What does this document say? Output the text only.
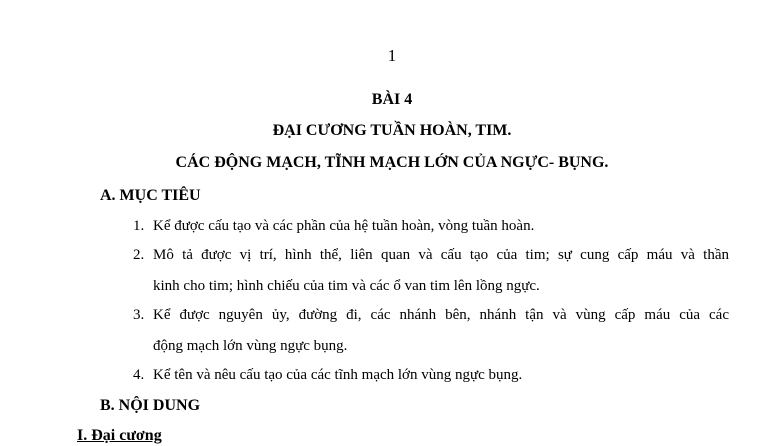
1
BÀI 4
ĐẠI CƯƠNG TUẦN HOÀN, TIM.
CÁC ĐỘNG MẠCH, TĨNH MẠCH LỚN CỦA NGỰC- BỤNG.
A. MỤC TIÊU
1. Kể được cấu tạo và các phần của hệ tuần hoàn, vòng tuần hoàn.
2. Mô tả được vị trí, hình thể, liên quan và cấu tạo của tim; sự cung cấp máu và thần
kinh cho tim; hình chiếu của tim và các ổ van tim lên lồng ngực.
3. Kể được nguyên ủy, đường đi, các nhánh bên, nhánh tận và vùng cấp máu của các
động mạch lớn vùng ngực bụng.
4. Kể tên và nêu cấu tạo của các tĩnh mạch lớn vùng ngực bụng.
B. NỘI DUNG
I. Đại cương
